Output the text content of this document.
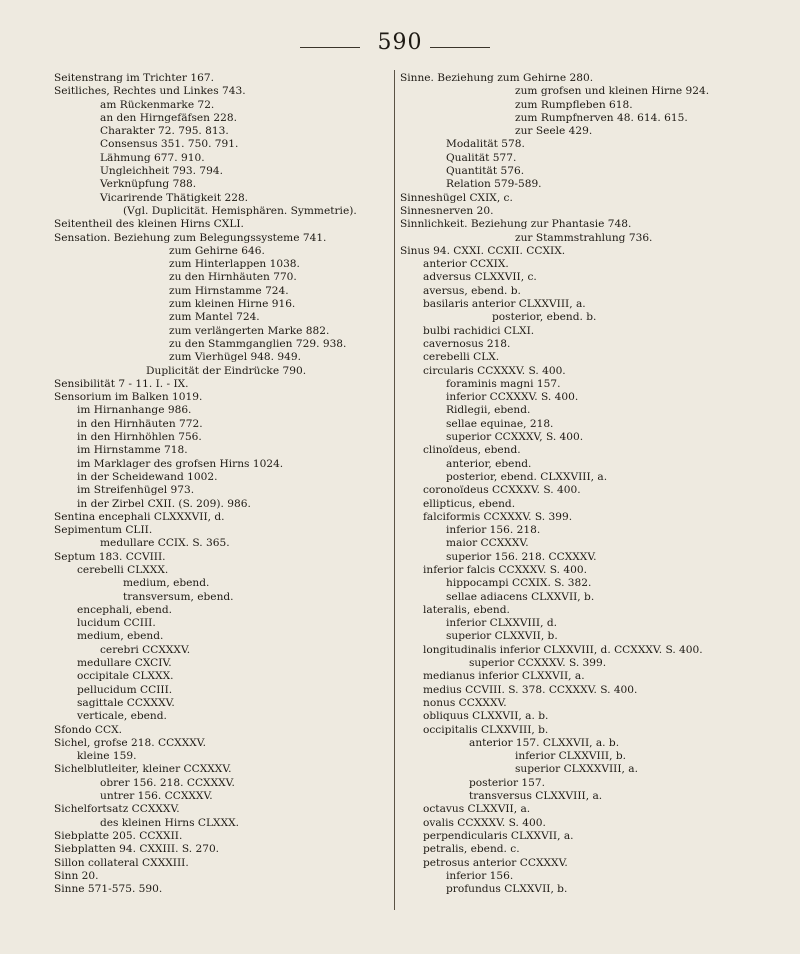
590
Seitenstrang im Trichter 167.
Seitliches, Rechtes und Linkes 743.
am Rückenmarke 72.
an den Hirngefäfsen 228.
Charakter 72. 795. 813.
Consensus 351. 750. 791.
Lähmung 677. 910.
Ungleichheit 793. 794.
Verknüpfung 788.
Vicarirende Thätigkeit 228.
(Vgl. Duplicität. Hemisphären. Symmetrie).
Seitentheil des kleinen Hirns CXLI.
Sensation. Beziehung zum Belegungssysteme 741.
zum Gehirne 646.
zum Hinterlappen 1038.
zu den Hirnhäuten 770.
zum Hirnstamme 724.
zum kleinen Hirne 916.
zum Mantel 724.
zum verlängerten Marke 882.
zu den Stammganglien 729. 938.
zum Vierhügel 948. 949.
Duplicität der Eindrücke 790.
Sensibilität 7 - 11. I. - IX.
Sensorium im Balken 1019.
im Hirnanhange 986.
in den Hirnhäuten 772.
in den Hirnhöhlen 756.
im Hirnstamme 718.
im Marklager des grofsen Hirns 1024.
in der Scheidewand 1002.
im Streifenhügel 973.
in der Zirbel CXII. (S. 209). 986.
Sentina encephali CLXXXVII, d.
Sepimentum CLII.
medullare CCIX. S. 365.
Septum 183. CCVIII.
cerebelli CLXXX.
medium, ebend.
transversum, ebend.
encephali, ebend.
lucidum CCIII.
medium, ebend.
cerebri CCXXXV.
medullare CXCIV.
occipitale CLXXX.
pellucidum CCIII.
sagittale CCXXXV.
verticale, ebend.
Sfondo CCX.
Sichel, grofse 218. CCXXXV.
kleine 159.
Sichelblutleiter, kleiner CCXXXV.
obrer 156. 218. CCXXXV.
untrer 156. CCXXXV.
Sichelfortsatz CCXXXV.
des kleinen Hirns CLXXX.
Siebplatte 205. CCXXII.
Siebplatten 94. CXXIII. S. 270.
Sillon collateral CXXXIII.
Sinn 20.
Sinne 571-575. 590.
Sinne. Beziehung zum Gehirne 280.
zum grofsen und kleinen Hirne 924.
zum Rumpfleben 618.
zum Rumpfnerven 48. 614. 615.
zur Seele 429.
Modalität 578.
Qualität 577.
Quantität 576.
Relation 579-589.
Sinneshügel CXIX, c.
Sinnesnerven 20.
Sinnlichkeit. Beziehung zur Phantasie 748.
zur Stammstrahlung 736.
Sinus 94. CXXI. CCXII. CCXIX.
anterior CCXIX.
adversus CLXXVII, c.
aversus, ebend. b.
basilaris anterior CLXXVIII, a.
posterior, ebend. b.
bulbi rachidici CLXI.
cavernosus 218.
cerebelli CLX.
circularis CCXXXV. S. 400.
foraminis magni 157.
inferior CCXXXV. S. 400.
Ridlegii, ebend.
sellae equinae, 218.
superior CCXXXV, S. 400.
clinoïdeus, ebend.
anterior, ebend.
posterior, ebend. CLXXVIII, a.
coronoïdeus CCXXXV. S. 400.
ellipticus, ebend.
falciformis CCXXXV. S. 399.
inferior 156. 218.
maior CCXXXV.
superior 156. 218. CCXXXV.
inferior falcis CCXXXV. S. 400.
hippocampi CCXIX. S. 382.
sellae adiacens CLXXVII, b.
lateralis, ebend.
inferior CLXXVIII, d.
superior CLXXVII, b.
longitudinalis inferior CLXXVIII, d. CCXXXV. S. 400.
superior CCXXXV. S. 399.
medianus inferior CLXXVII, a.
medius CCVIII. S. 378. CCXXXV. S. 400.
nonus CCXXXV.
obliquus CLXXVII, a. b.
occipitalis CLXXVIII, b.
anterior 157. CLXXVII, a. b.
inferior CLXXVIII, b.
superior CLXXXVIII, a.
posterior 157.
transversus CLXXVIII, a.
octavus CLXXVII, a.
ovalis CCXXXV. S. 400.
perpendicularis CLXXVII, a.
petralis, ebend. c.
petrosus anterior CCXXXV.
inferior 156.
profundus CLXXVII, b.
